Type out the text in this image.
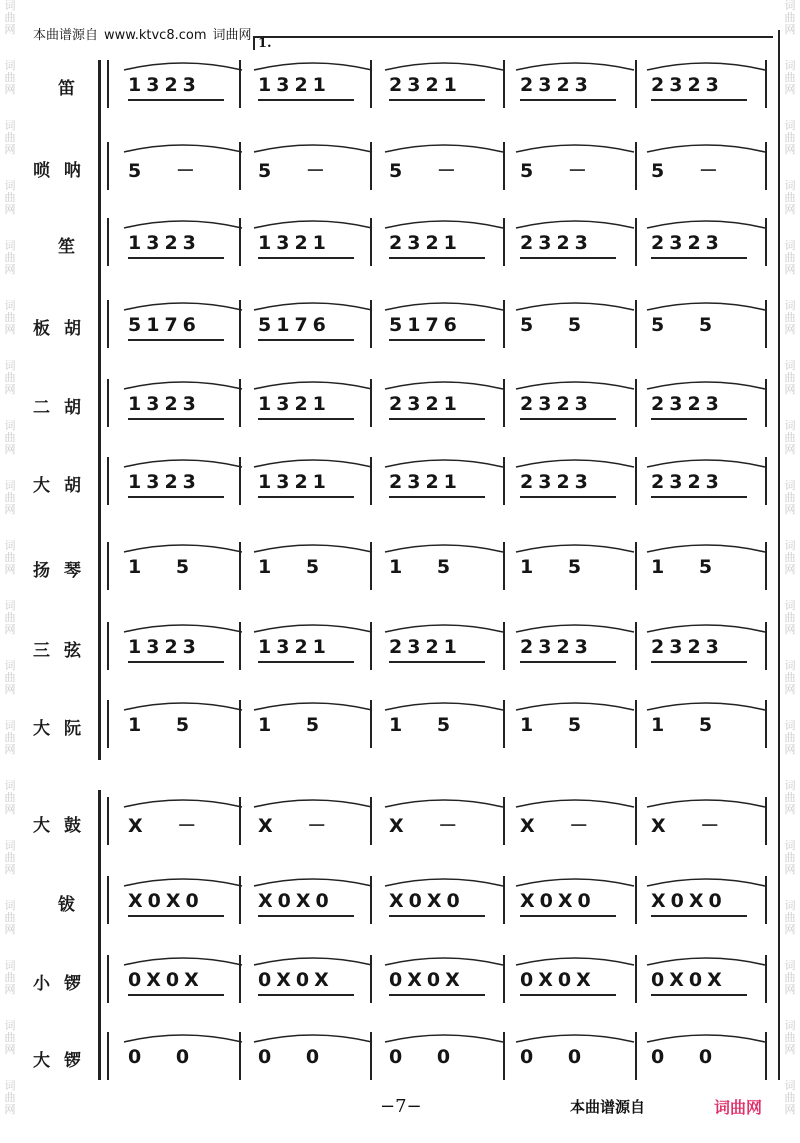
词
曲
网
词
曲
网
词
曲
网
词
曲
网
词
曲
网
词
曲
网
词
曲
网
词
曲
网
词
曲
网
词
曲
网
词
曲
网
词
曲
网
词
曲
网
词
曲
网
词
曲
网
词
曲
网
词
曲
网
词
曲
网
词
曲
网
词
曲
网
词
曲
网
词
曲
网
词
曲
网
词
曲
网
词
曲
网
词
曲
网
词
曲
网
词
曲
网
词
曲
网
词
曲
网
词
曲
网
词
曲
网
词
曲
网
词
曲
网
词
曲
网
词
曲
网
词
曲
网
词
曲
网
本曲谱源自 www.ktvc8.com 词曲网
1.
笛	1323	1321	2321	2323	2323
唢呐 5 －	5 －	5 －	5 －	5 －
笙	1323	1321	2321	2323	2323
板胡 5176	5176	5176	5 5	5 5
二胡 1323	1321	2321	2323	2323
大胡 1323	1321	2321	2323	2323
扬琴 1 5	1 5	1 5	1 5	1 5
三弦 1323	1321	2321	2323	2323
大阮 1 5	1 5	1 5	1 5	1 5
大鼓 X －	X －	X －	X －	X －
钹	X0X0	X0X0	X0X0	X0X0	X0X0
小锣 0X0X	0X0X	0X0X	0X0X	0X0X
大锣 0 0	0 0	0 0	0 0	0 0
−7−	本曲谱源自	词曲网
